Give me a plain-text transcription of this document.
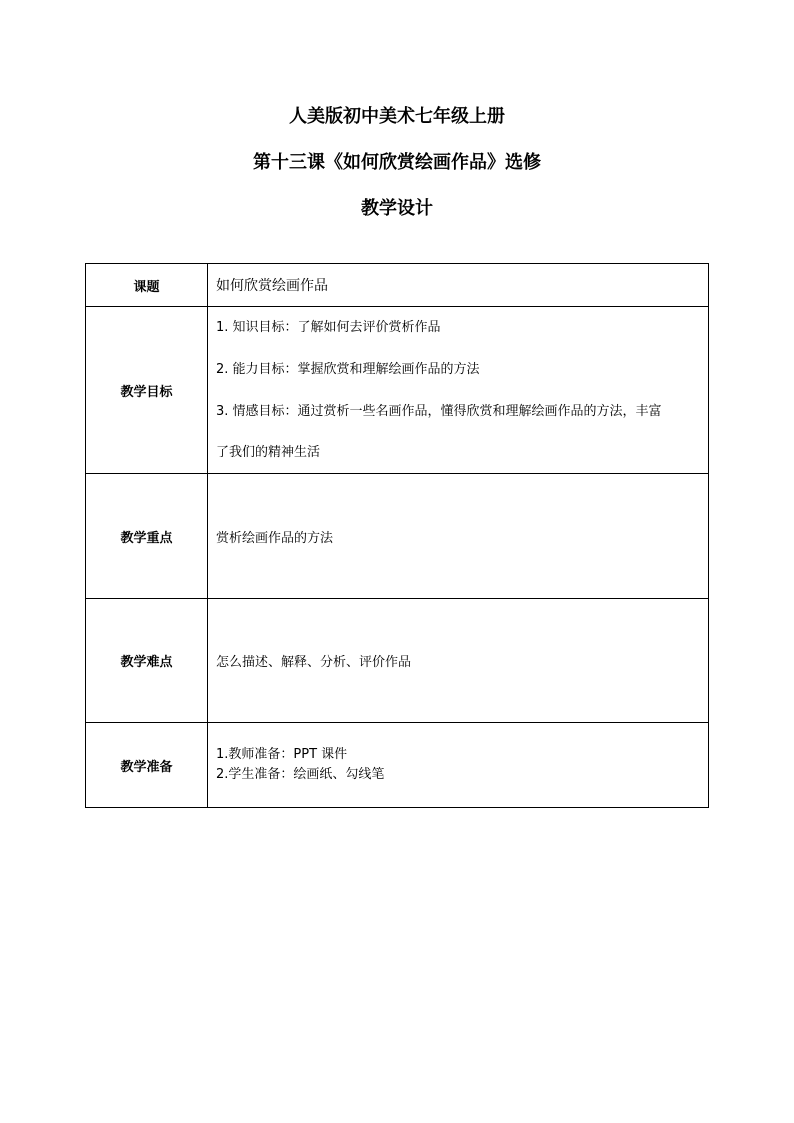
人美版初中美术七年级上册
第十三课《如何欣赏绘画作品》选修
教学设计
课题	如何欣赏绘画作品
教学目标	1. 知识目标：了解如何去评价赏析作品

2. 能力目标：掌握欣赏和理解绘画作品的方法

3. 情感目标：通过赏析一些名画作品，懂得欣赏和理解绘画作品的方法，丰富

了我们的精神生活

教学重点	赏析绘画作品的方法
教学难点	怎么描述、解释、分析、评价作品
教学准备	1.教师准备：PPT 课件

2.学生准备：绘画纸、勾线笔
